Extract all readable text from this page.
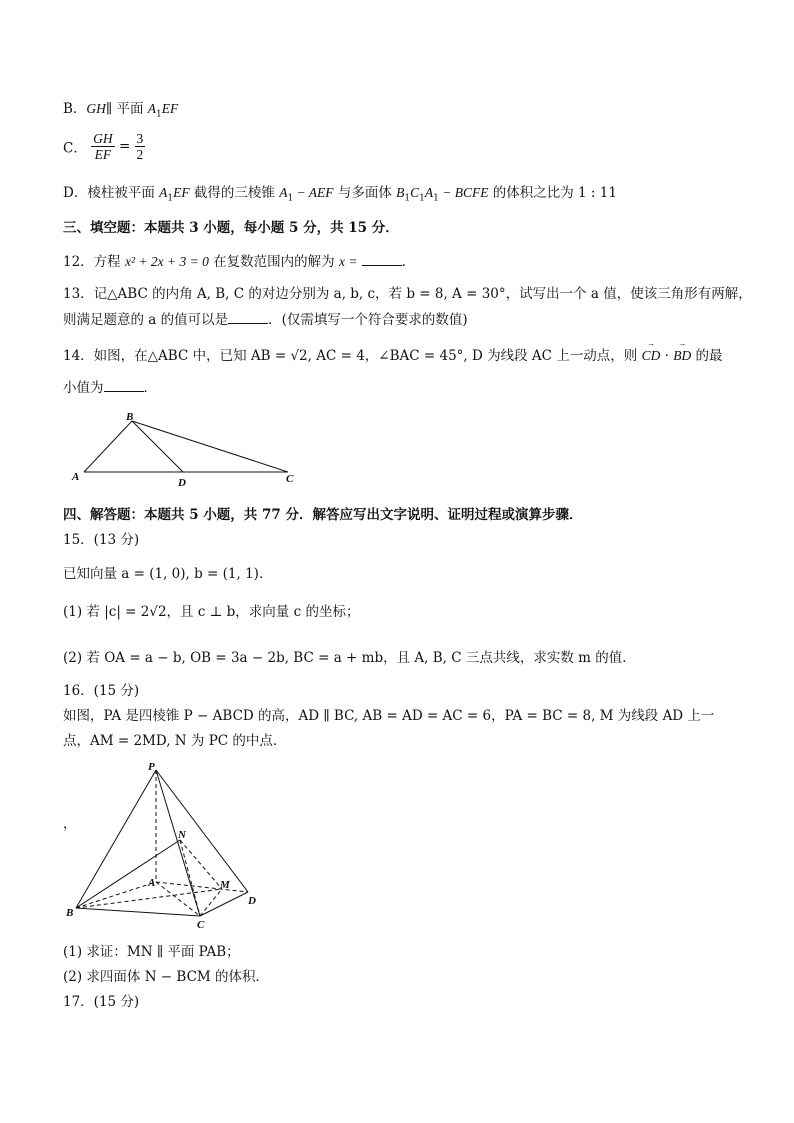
B．GH∥ 平面 $A_1EF$
C． $\frac{GH}{EF} = \frac{3}{2}$
D．棱柱被平面 $A_1EF$ 截得的三棱锥 $A_1$ − AEF 与多面体 $B_1C_1A_1$ − BCFE 的体积之比为 1 : 11
三、填空题：本题共 3 小题，每小题 5 分，共 15 分．
12．方程 x² + 2x + 3 = 0 在复数范围内的解为 x =	．
13．记△ABC 的内角 A, B, C 的对边分别为 a, b, c，若 b = 8, A = 30°，试写出一个 a 值，使该三角形有两解，
则满足题意的 a 的值可以是	．(仅需填写一个符合要求的数值)
14．如图，在△ABC 中，已知 AB = √2, AC = 4，∠BAC = 45°, D 为线段 AC 上一动点，则 → CD · → BD 的最
小值为	．
B
A	D	C
四、解答题：本题共 5 小题，共 77 分．解答应写出文字说明、证明过程或演算步骤．
15．(13 分)
已知向量 a = (1, 0), b = (1, 1)．
(1) 若 |c| = 2√2，且 c ⊥ b，求向量 c 的坐标；
(2) 若 OA = a − b, OB = 3a − 2b, BC = a + mb，且 A, B, C 三点共线，求实数 m 的值．
16．(15 分)
如图，PA 是四棱锥 P − ABCD 的高，AD ∥ BC, AB = AD = AC = 6，PA = BC = 8, M 为线段 AD 上一
点，AM = 2MD, N 为 PC 的中点．
，
P
N
A	M
B
C
D
(1) 求证：MN ∥ 平面 PAB；
(2) 求四面体 N − BCM 的体积．
17．(15 分)
